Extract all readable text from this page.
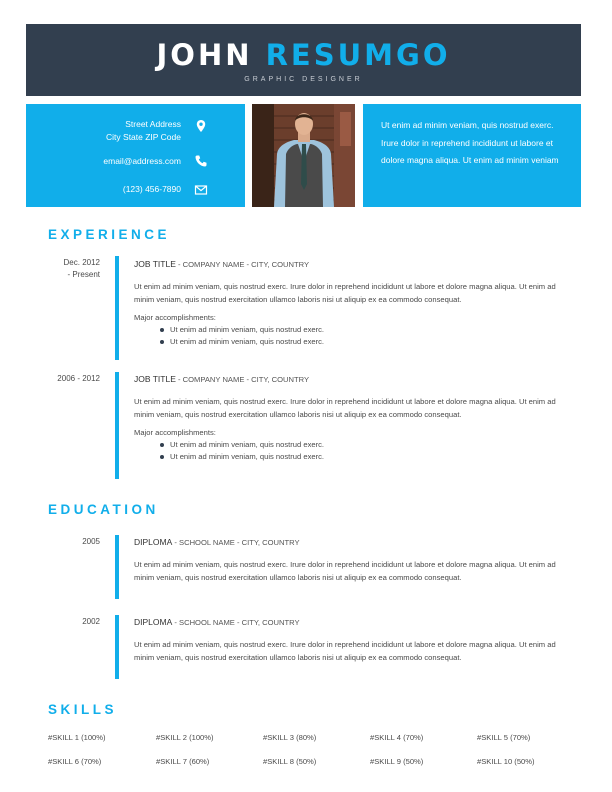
JOHN RESUMGO
GRAPHIC DESIGNER
Street Address
City State ZIP Code
email@address.com
(123) 456-7890

Ut enim ad minim veniam, quis nostrud exerc. Irure dolor in reprehend incididunt ut labore et dolore magna aliqua. Ut enim ad minim veniam

EXPERIENCE
Dec. 2012
- Present
JOB TITLE - COMPANY NAME - CITY, COUNTRY
Ut enim ad minim veniam, quis nostrud exerc. Irure dolor in reprehend incididunt ut labore et dolore magna aliqua. Ut enim ad minim veniam, quis nostrud exercitation ullamco laboris nisi ut aliquip ex ea commodo consequat.
Major accomplishments:
Ut enim ad minim veniam, quis nostrud exerc.
Ut enim ad minim veniam, quis nostrud exerc.
2006 - 2012	JOB TITLE - COMPANY NAME - CITY, COUNTRY
Ut enim ad minim veniam, quis nostrud exerc. Irure dolor in reprehend incididunt ut labore et dolore magna aliqua. Ut enim ad minim veniam, quis nostrud exercitation ullamco laboris nisi ut aliquip ex ea commodo consequat.
Major accomplishments:
Ut enim ad minim veniam, quis nostrud exerc.
Ut enim ad minim veniam, quis nostrud exerc.
EDUCATION
2005	DIPLOMA - SCHOOL NAME - CITY, COUNTRY
Ut enim ad minim veniam, quis nostrud exerc. Irure dolor in reprehend incididunt ut labore et dolore magna aliqua. Ut enim ad minim veniam, quis nostrud exercitation ullamco laboris nisi ut aliquip ex ea commodo consequat.
2002	DIPLOMA - SCHOOL NAME - CITY, COUNTRY
Ut enim ad minim veniam, quis nostrud exerc. Irure dolor in reprehend incididunt ut labore et dolore magna aliqua. Ut enim ad minim veniam, quis nostrud exercitation ullamco laboris nisi ut aliquip ex ea commodo consequat.
SKILLS
#SKILL 1 (100%)	#SKILL 2 (100%)	#SKILL 3 (80%)	#SKILL 4 (70%)	#SKILL 5 (70%)
#SKILL 6 (70%)	#SKILL 7 (60%)	#SKILL 8 (50%)	#SKILL 9 (50%)	#SKILL 10 (50%)
